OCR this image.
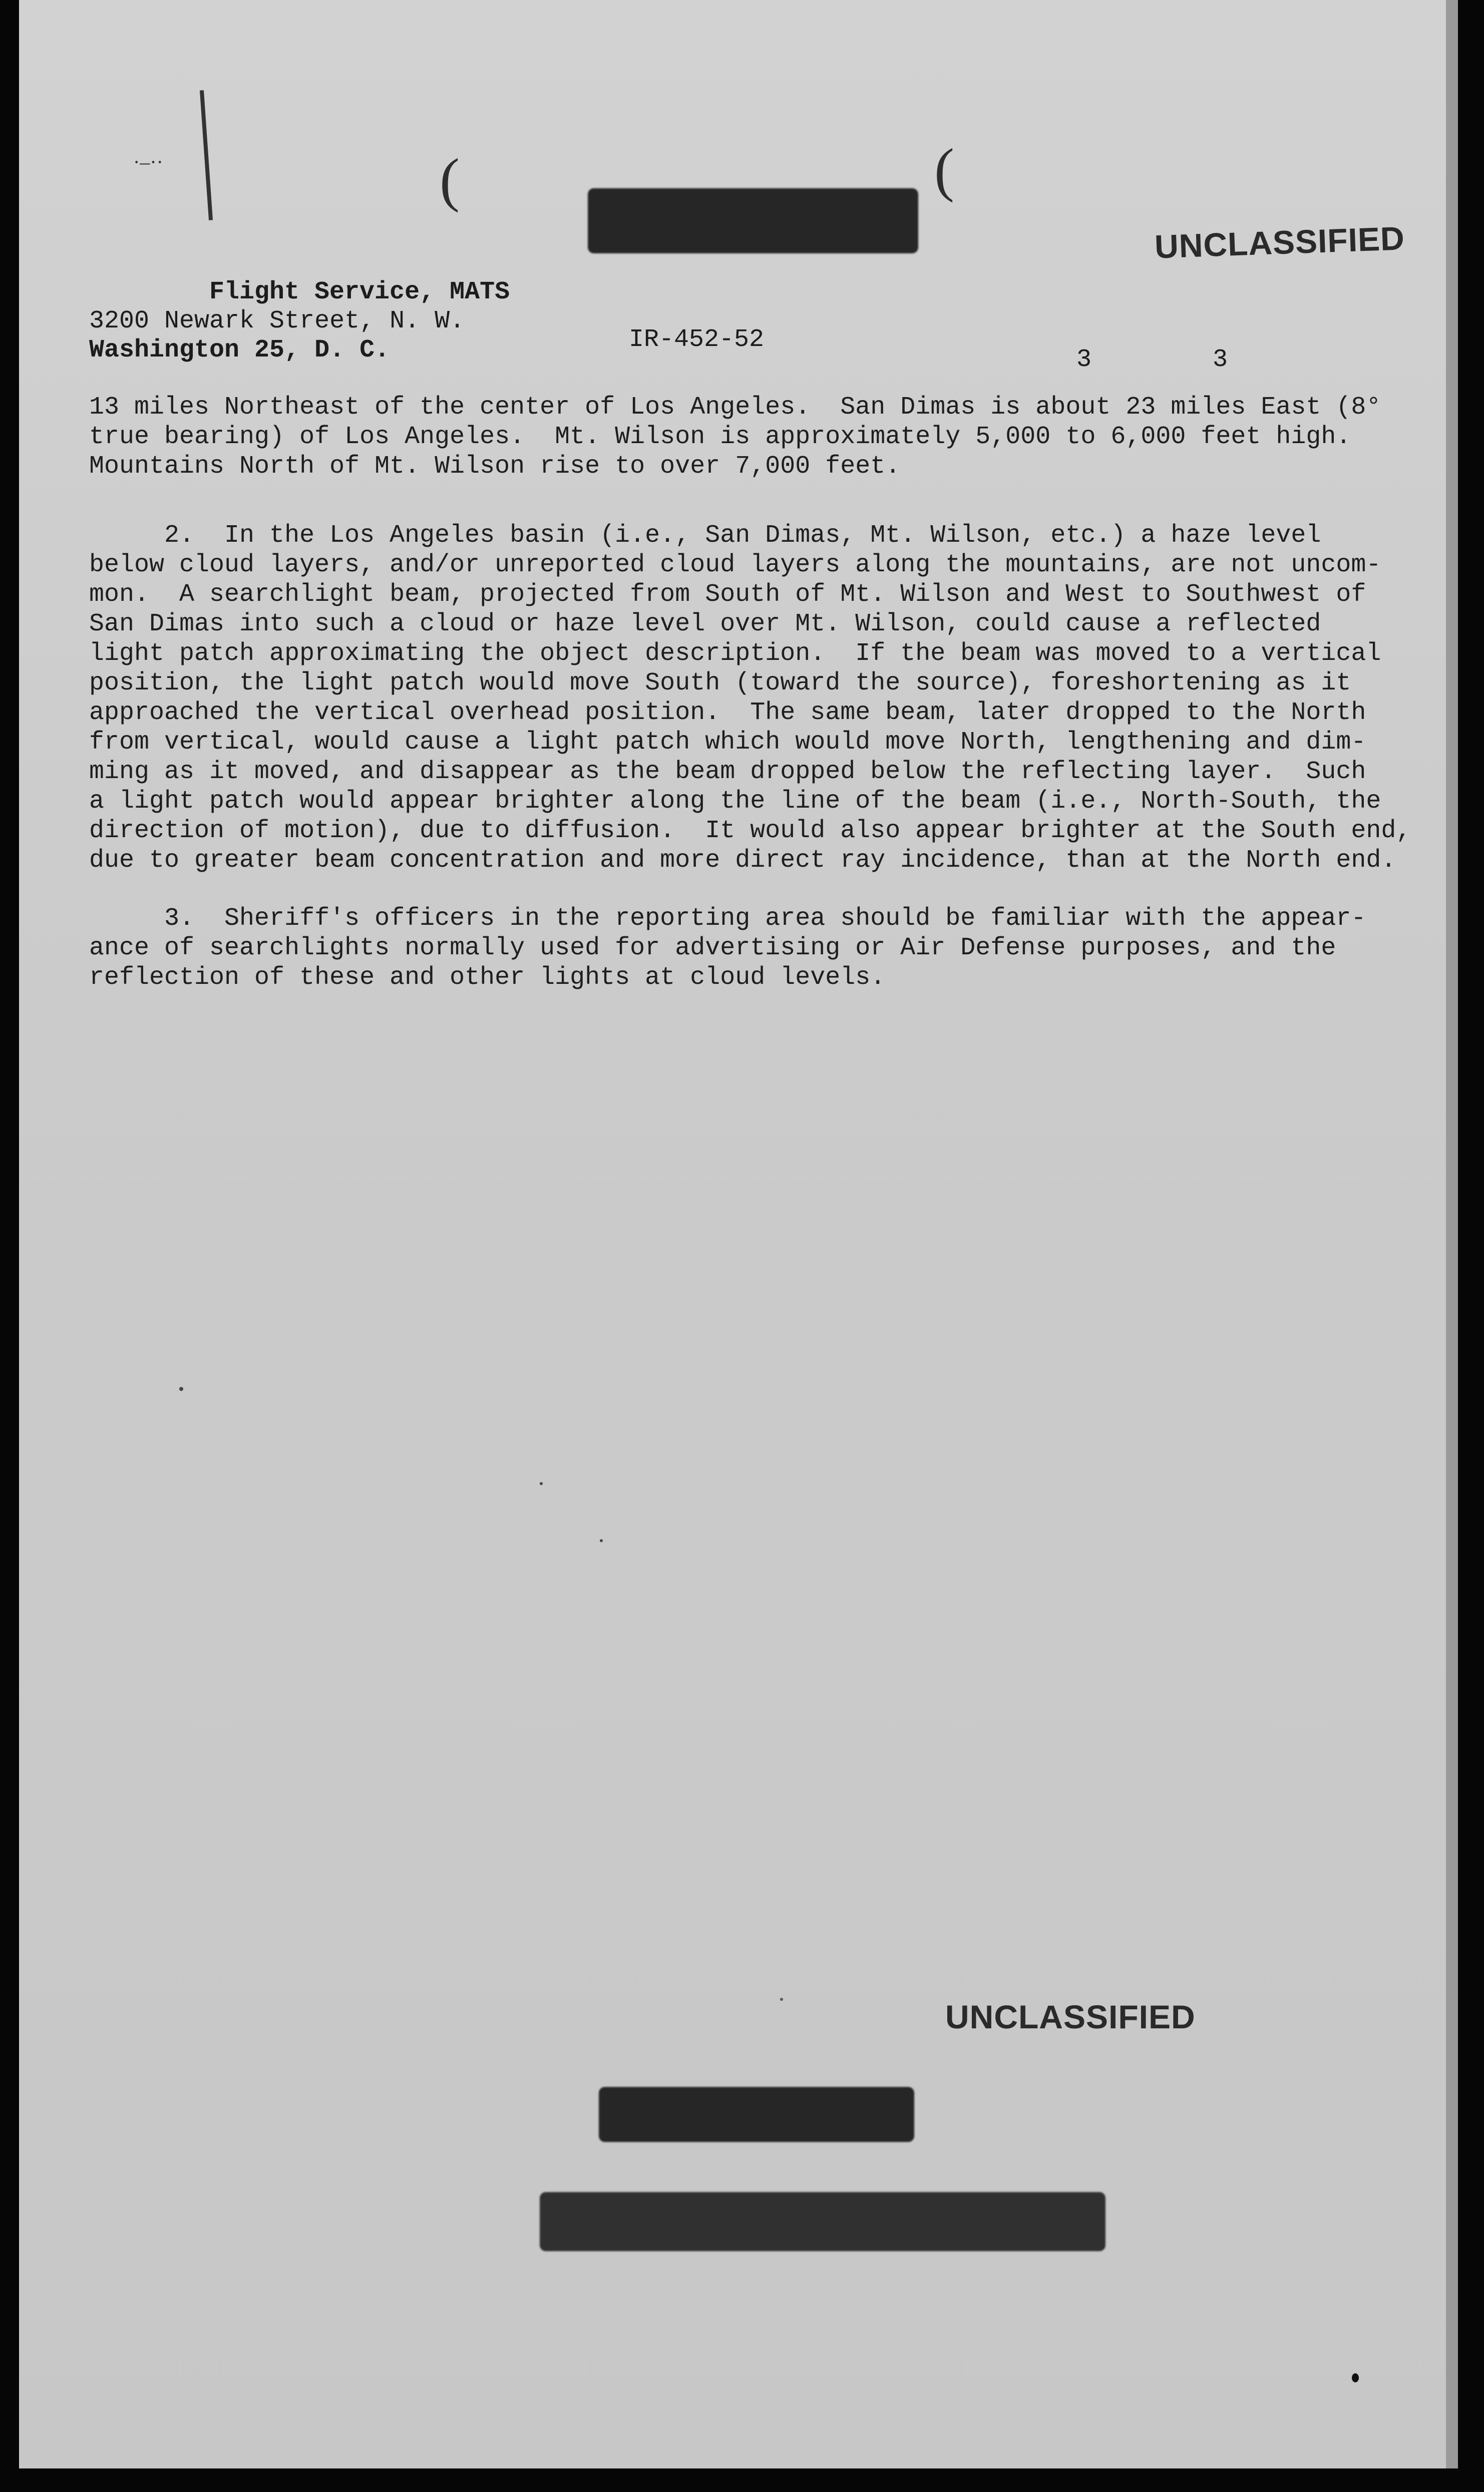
·–··	(	(
UNCLASSIFIED
Flight Service, MATS
3200 Newark Street, N. W.
Washington 25, D. C.	IR-452-52
3	3
13 miles Northeast of the center of Los Angeles.  San Dimas is about 23 miles East (8°
true bearing) of Los Angeles.  Mt. Wilson is approximately 5,000 to 6,000 feet high.
Mountains North of Mt. Wilson rise to over 7,000 feet.
2.  In the Los Angeles basin (i.e., San Dimas, Mt. Wilson, etc.) a haze level
below cloud layers, and/or unreported cloud layers along the mountains, are not uncom-
mon.  A searchlight beam, projected from South of Mt. Wilson and West to Southwest of
San Dimas into such a cloud or haze level over Mt. Wilson, could cause a reflected
light patch approximating the object description.  If the beam was moved to a vertical
position, the light patch would move South (toward the source), foreshortening as it
approached the vertical overhead position.  The same beam, later dropped to the North
from vertical, would cause a light patch which would move North, lengthening and dim-
ming as it moved, and disappear as the beam dropped below the reflecting layer.  Such
a light patch would appear brighter along the line of the beam (i.e., North-South, the
direction of motion), due to diffusion.  It would also appear brighter at the South end,
due to greater beam concentration and more direct ray incidence, than at the North end.
3.  Sheriff's officers in the reporting area should be familiar with the appear-
ance of searchlights normally used for advertising or Air Defense purposes, and the
reflection of these and other lights at cloud levels.
UNCLASSIFIED
